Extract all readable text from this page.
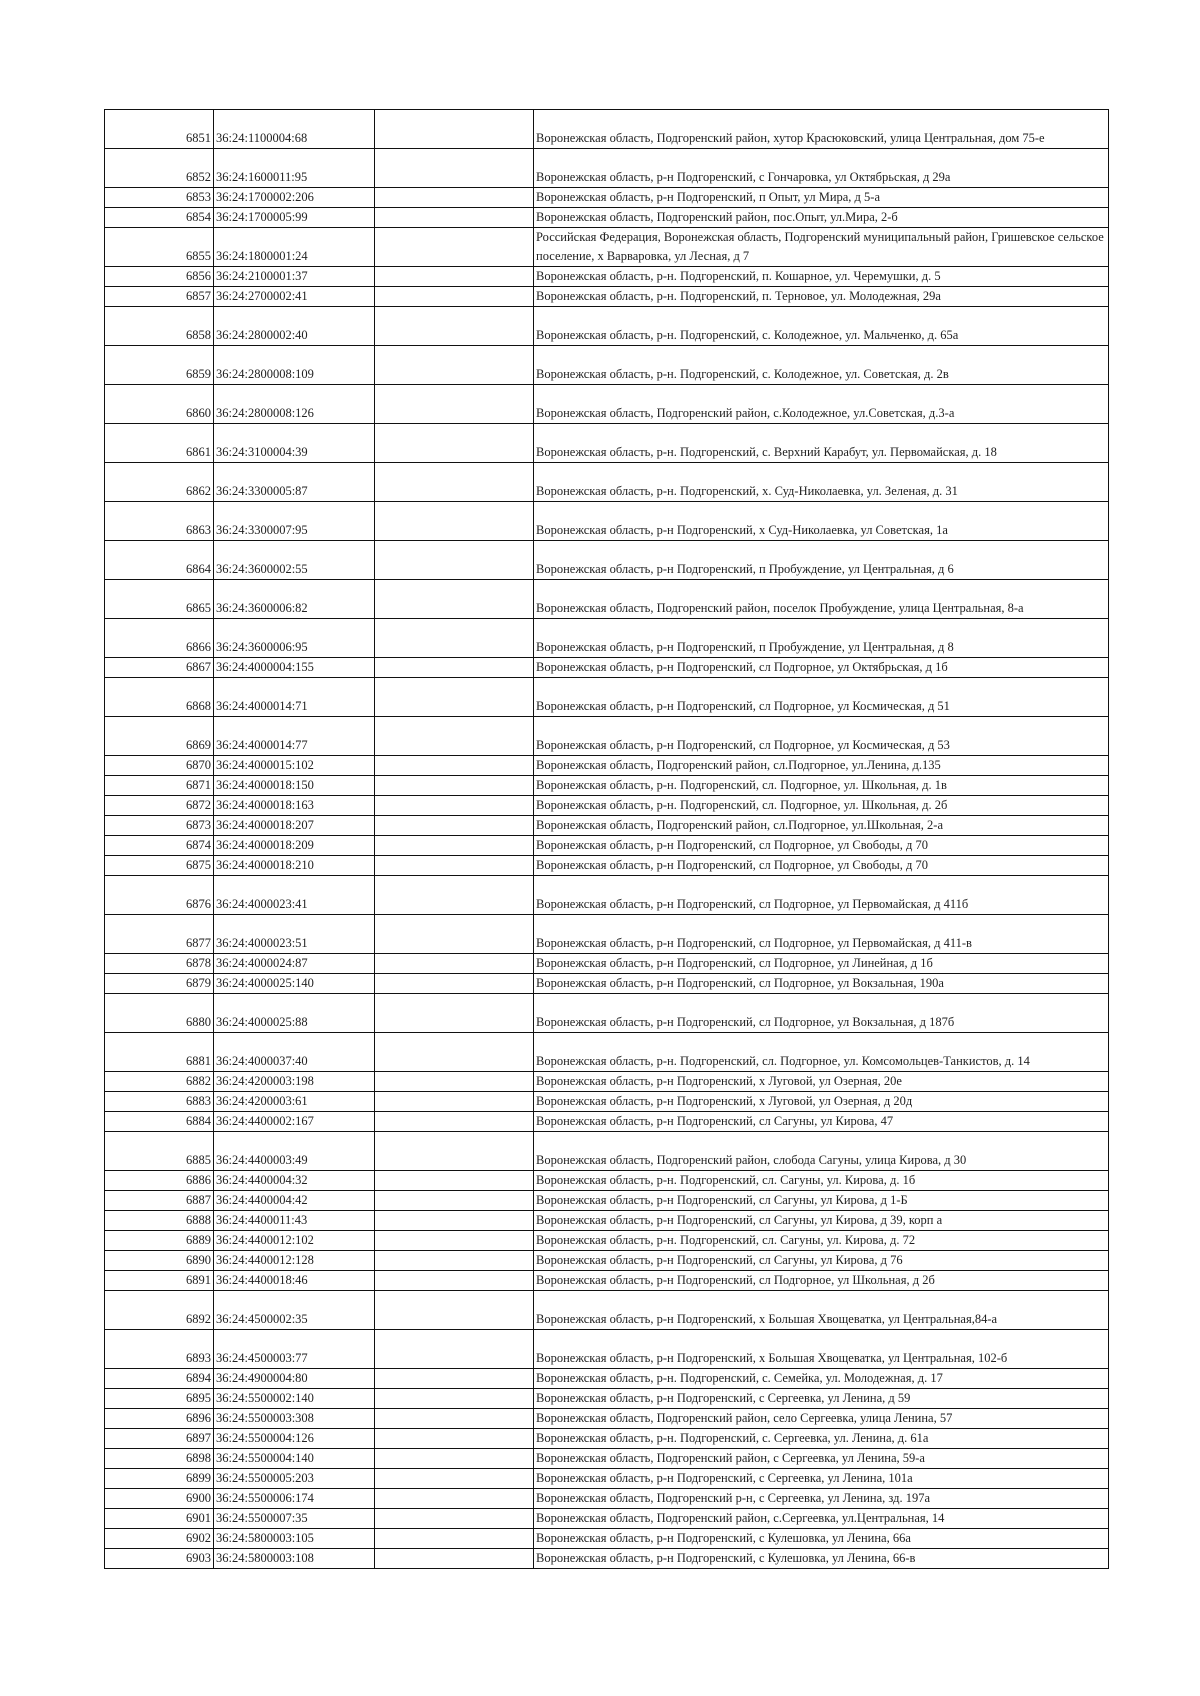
6851	36:24:1100004:68		Воронежская область, Подгоренский район, хутор Красюковский, улица Центральная, дом 75-е
6852	36:24:1600011:95		Воронежская область, р-н Подгоренский, с Гончаровка, ул Октябрьская, д 29а
6853	36:24:1700002:206		Воронежская область, р-н Подгоренский, п Опыт, ул Мира, д 5-а
6854	36:24:1700005:99		Воронежская область, Подгоренский район, пос.Опыт, ул.Мира, 2-б
6855	36:24:1800001:24		Российская Федерация, Воронежская область, Подгоренский муниципальный район, Гришевское сельское поселение, х Варваровка, ул Лесная, д 7
6856	36:24:2100001:37		Воронежская область, р-н. Подгоренский, п. Кошарное, ул. Черемушки, д. 5
6857	36:24:2700002:41		Воронежская область, р-н. Подгоренский, п. Терновое, ул. Молодежная, 29а
6858	36:24:2800002:40		Воронежская область, р-н. Подгоренский, с. Колодежное, ул. Мальченко, д. 65а
6859	36:24:2800008:109		Воронежская область, р-н. Подгоренский, с. Колодежное, ул. Советская, д. 2в
6860	36:24:2800008:126		Воронежская область, Подгоренский район, с.Колодежное, ул.Советская, д.3-а
6861	36:24:3100004:39		Воронежская область, р-н. Подгоренский, с. Верхний Карабут, ул. Первомайская, д. 18
6862	36:24:3300005:87		Воронежская область, р-н. Подгоренский, х. Суд-Николаевка, ул. Зеленая, д. 31
6863	36:24:3300007:95		Воронежская область, р-н Подгоренский, х Суд-Николаевка, ул Советская, 1а
6864	36:24:3600002:55		Воронежская область, р-н Подгоренский, п Пробуждение, ул Центральная, д 6
6865	36:24:3600006:82		Воронежская область, Подгоренский район, поселок Пробуждение, улица Центральная, 8-а
6866	36:24:3600006:95		Воронежская область, р-н Подгоренский, п Пробуждение, ул Центральная, д 8
6867	36:24:4000004:155		Воронежская область, р-н Подгоренский, сл Подгорное, ул Октябрьская, д 1б
6868	36:24:4000014:71		Воронежская область, р-н Подгоренский, сл Подгорное, ул Космическая, д 51
6869	36:24:4000014:77		Воронежская область, р-н Подгоренский, сл Подгорное, ул Космическая, д 53
6870	36:24:4000015:102		Воронежская область, Подгоренский район, сл.Подгорное, ул.Ленина, д.135
6871	36:24:4000018:150		Воронежская область, р-н. Подгоренский, сл. Подгорное, ул. Школьная, д. 1в
6872	36:24:4000018:163		Воронежская область, р-н. Подгоренский, сл. Подгорное, ул. Школьная, д. 2б
6873	36:24:4000018:207		Воронежская область, Подгоренский район, сл.Подгорное, ул.Школьная, 2-а
6874	36:24:4000018:209		Воронежская область, р-н Подгоренский, сл Подгорное, ул Свободы, д 70
6875	36:24:4000018:210		Воронежская область, р-н Подгоренский, сл Подгорное, ул Свободы, д 70
6876	36:24:4000023:41		Воронежская область, р-н Подгоренский, сл Подгорное, ул Первомайская, д 411б
6877	36:24:4000023:51		Воронежская область, р-н Подгоренский, сл Подгорное, ул Первомайская, д 411-в
6878	36:24:4000024:87		Воронежская область, р-н Подгоренский, сл Подгорное, ул Линейная, д 1б
6879	36:24:4000025:140		Воронежская область, р-н Подгоренский, сл Подгорное, ул Вокзальная, 190а
6880	36:24:4000025:88		Воронежская область, р-н Подгоренский, сл Подгорное, ул Вокзальная, д 187б
6881	36:24:4000037:40		Воронежская область, р-н. Подгоренский, сл. Подгорное, ул. Комсомольцев-Танкистов, д. 14
6882	36:24:4200003:198		Воронежская область, р-н Подгоренский, х Луговой, ул Озерная, 20е
6883	36:24:4200003:61		Воронежская область, р-н Подгоренский, х Луговой, ул Озерная, д 20д
6884	36:24:4400002:167		Воронежская область, р-н Подгоренский, сл Сагуны, ул Кирова, 47
6885	36:24:4400003:49		Воронежская область, Подгоренский район, слобода Сагуны, улица Кирова, д 30
6886	36:24:4400004:32		Воронежская область, р-н. Подгоренский, сл. Сагуны, ул. Кирова, д. 1б
6887	36:24:4400004:42		Воронежская область, р-н Подгоренский, сл Сагуны, ул Кирова, д 1-Б
6888	36:24:4400011:43		Воронежская область, р-н Подгоренский, сл Сагуны, ул Кирова, д 39, корп а
6889	36:24:4400012:102		Воронежская область, р-н. Подгоренский, сл. Сагуны, ул. Кирова, д. 72
6890	36:24:4400012:128		Воронежская область, р-н Подгоренский, сл Сагуны, ул Кирова, д 76
6891	36:24:4400018:46		Воронежская область, р-н Подгоренский, сл Подгорное, ул Школьная, д 2б
6892	36:24:4500002:35		Воронежская область, р-н Подгоренский, х Большая Хвощеватка, ул Центральная,84-а
6893	36:24:4500003:77		Воронежская область, р-н Подгоренский, х Большая Хвощеватка, ул Центральная, 102-б
6894	36:24:4900004:80		Воронежская область, р-н. Подгоренский, с. Семейка, ул. Молодежная, д. 17
6895	36:24:5500002:140		Воронежская область, р-н Подгоренский, с Сергеевка, ул Ленина, д 59
6896	36:24:5500003:308		Воронежская область, Подгоренский район, село Сергеевка, улица Ленина, 57
6897	36:24:5500004:126		Воронежская область, р-н. Подгоренский, с. Сергеевка, ул. Ленина, д. 61а
6898	36:24:5500004:140		Воронежская область, Подгоренский район, с Сергеевка, ул Ленина, 59-а
6899	36:24:5500005:203		Воронежская область, р-н Подгоренский, с Сергеевка, ул Ленина, 101а
6900	36:24:5500006:174		Воронежская область, Подгоренский р-н, с Сергеевка, ул Ленина, зд. 197а
6901	36:24:5500007:35		Воронежская область, Подгоренский район, с.Сергеевка, ул.Центральная, 14
6902	36:24:5800003:105		Воронежская область, р-н Подгоренский, с Кулешовка, ул Ленина, 66а
6903	36:24:5800003:108		Воронежская область, р-н Подгоренский, с Кулешовка, ул Ленина, 66-в
